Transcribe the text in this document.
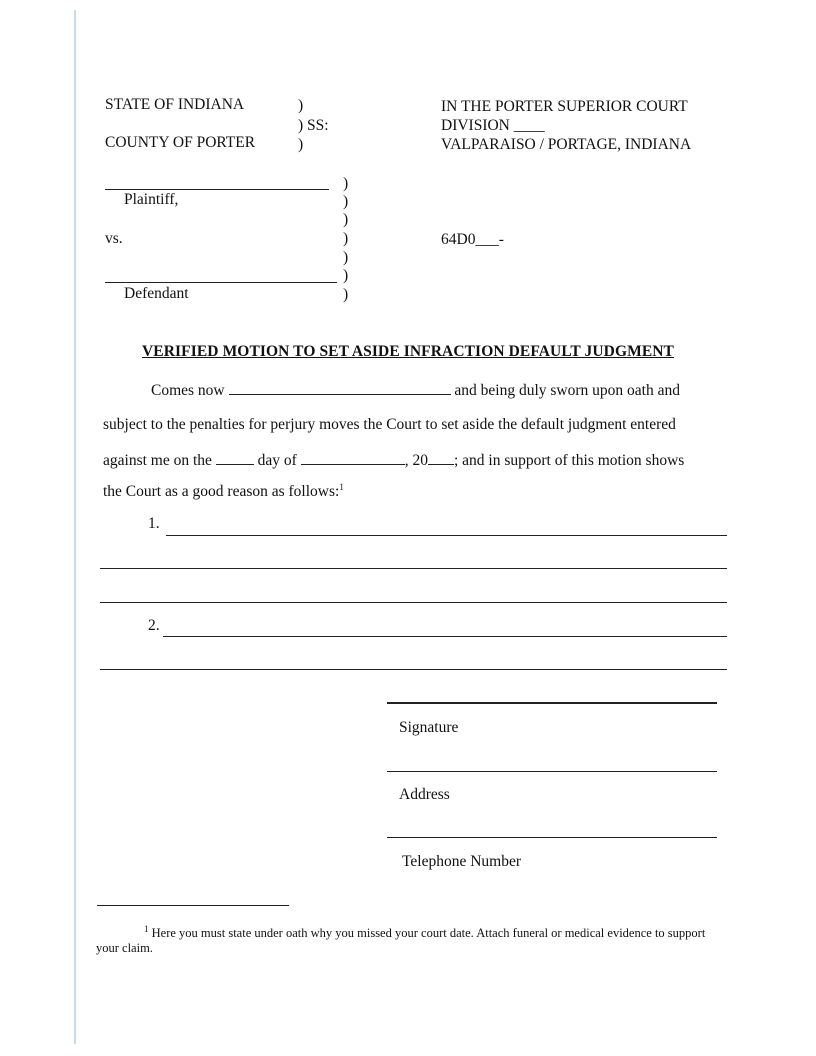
STATE OF INDIANA
COUNTY OF PORTER
)
) SS:
)
IN THE PORTER SUPERIOR COURT
DIVISION ____
VALPARAISO / PORTAGE, INDIANA
Plaintiff,
vs.
Defendant
)
)
)
)
)
)
)
64D0___-
VERIFIED MOTION TO SET ASIDE INFRACTION DEFAULT JUDGMENT
Comes now	and being duly sworn upon oath and
subject to the penalties for perjury moves the Court to set aside the default judgment entered
against me on the	day of	, 20 ; and in support of this motion shows
the Court as a good reason as follows:$^1$
1.
2.
Signature
Address
Telephone Number
$^1$ Here you must state under oath why you missed your court date. Attach funeral or medical evidence to support your claim.
